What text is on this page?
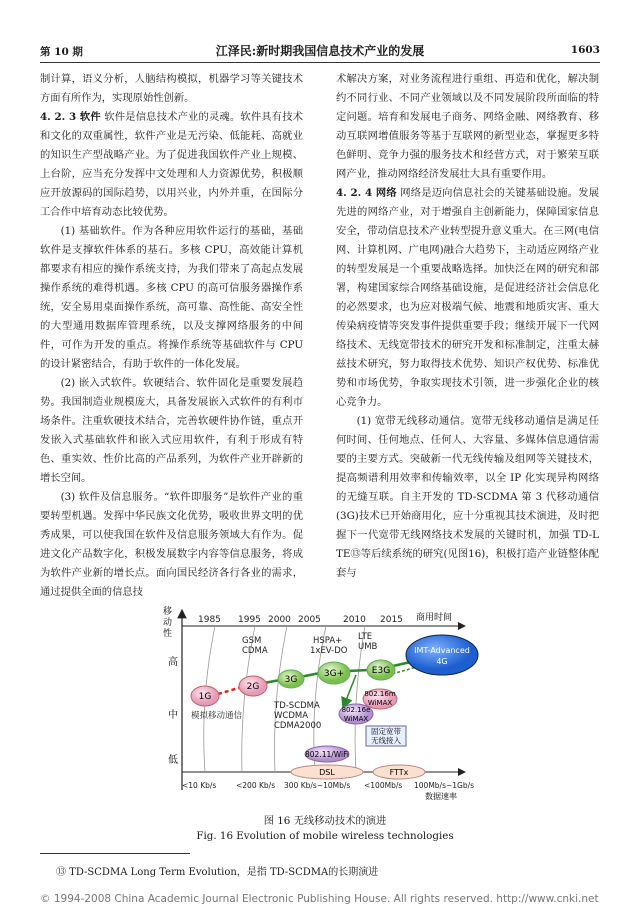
第 10 期	江泽民:新时期我国信息技术产业的发展	1603

制计算，语义分析，人脑结构模拟，机器学习等关键技术方面有所作为，实现原始性创新。

4. 2. 3 软件 软件是信息技术产业的灵魂。软件具有技术和文化的双重属性，软件产业是无污染、低能耗、高就业的知识生产型战略产业。为了促进我国软件产业上规模、上台阶，应当充分发挥中文处理和人力资源优势，积极顺应开放源码的国际趋势，以用兴业，内外并重，在国际分工合作中培育动态比较优势。

(1) 基础软件。作为各种应用软件运行的基础，基础软件是支撑软件体系的基石。多核 CPU，高效能计算机都要求有相应的操作系统支持，为我们带来了高起点发展操作系统的难得机遇。多核 CPU 的高可信服务器操作系统，安全易用桌面操作系统，高可靠、高性能、高安全性的大型通用数据库管理系统，以及支撑网络服务的中间件，可作为开发的重点。将操作系统等基础软件与 CPU 的设计紧密结合，有助于软件的一体化发展。

(2) 嵌入式软件。软硬结合、软件固化是重要发展趋势。我国制造业规模庞大，具备发展嵌入式软件的有利市场条件。注重软硬技术结合，完善软硬件协作链，重点开发嵌入式基础软件和嵌入式应用软件，有利于形成有特色、重实效、性价比高的产品系列，为软件产业开辟新的增长空间。

(3) 软件及信息服务。“软件即服务”是软件产业的重要转型机遇。发挥中华民族文化优势，吸收世界文明的优秀成果，可以使我国在软件及信息服务领域大有作为。促进文化产品数字化，积极发展数字内容等信息服务，将成为软件产业新的增长点。面向国民经济各行各业的需求，通过提供全面的信息技

术解决方案，对业务流程进行重组、再造和优化，解决制约不同行业、不同产业领域以及不同发展阶段所面临的特定问题。培育和发展电子商务、网络金融、网络教育、移动互联网增值服务等基于互联网的新型业态，掌握更多特色鲜明、竞争力强的服务技术和经营方式，对于繁荣互联网产业，推动网络经济发展壮大具有重要作用。

4. 2. 4 网络 网络是迈向信息社会的关键基础设施。发展先进的网络产业，对于增强自主创新能力，保障国家信息安全，带动信息技术产业转型提升意义重大。在三网(电信网、计算机网、广电网)融合大趋势下，主动适应网络产业的转型发展是一个重要战略选择。加快泛在网的研究和部署，构建国家综合网络基础设施，是促进经济社会信息化的必然要求，也为应对极端气候、地震和地质灾害、重大传染病疫情等突发事件提供重要手段；继续开展下一代网络技术、无线宽带技术的研究开发和标准制定，注重太赫兹技术研究，努力取得技术优势、知识产权优势、标准优势和市场优势，争取实现技术引领，进一步强化企业的核心竞争力。

(1) 宽带无线移动通信。宽带无线移动通信是满足任何时间、任何地点、任何人、大容量、多媒体信息通信需要的主要方式。突破新一代无线传输及组网等关键技术，提高频谱利用效率和传输效率，以全 IP 化实现异构网络的无缝互联。自主开发的 TD-SCDMA 第 3 代移动通信(3G)技术已开始商用化，应十分重视其技术演进，及时把握下一代宽带无线网络技术发展的关键时机，加强 TD-L TE⑬等后续系统的研究(见图16)，积极打造产业链整体配套与

1985 1995 2000 2005 2010 2015 商用时间
移
动
性
高
中
低
GSM
CDMA
HSPA+
1xEV-DO
LTE
UMB
TD-SCDMA
WCDMA
CDMA2000
模拟移动通信
1G
2G
3G
3G+	E3G
IMT-Advanced
4G
802.16m
WiMAX
802.16e
WiMAX
固定宽带
无线接入
802.11/WiFi
DSL	FTTx
<10 Kb/s	<200 Kb/s 300 Kb/s~10Mb/s <100Mb/s 100Mb/s~1Gb/s
数据速率
图 16 无线移动技术的演进
Fig. 16 Evolution of mobile wireless technologies
⑬ TD-SCDMA Long Term Evolution，是指 TD-SCDMA的长期演进
© 1994-2008 China Academic Journal Electronic Publishing House. All rights reserved. http://www.cnki.net
